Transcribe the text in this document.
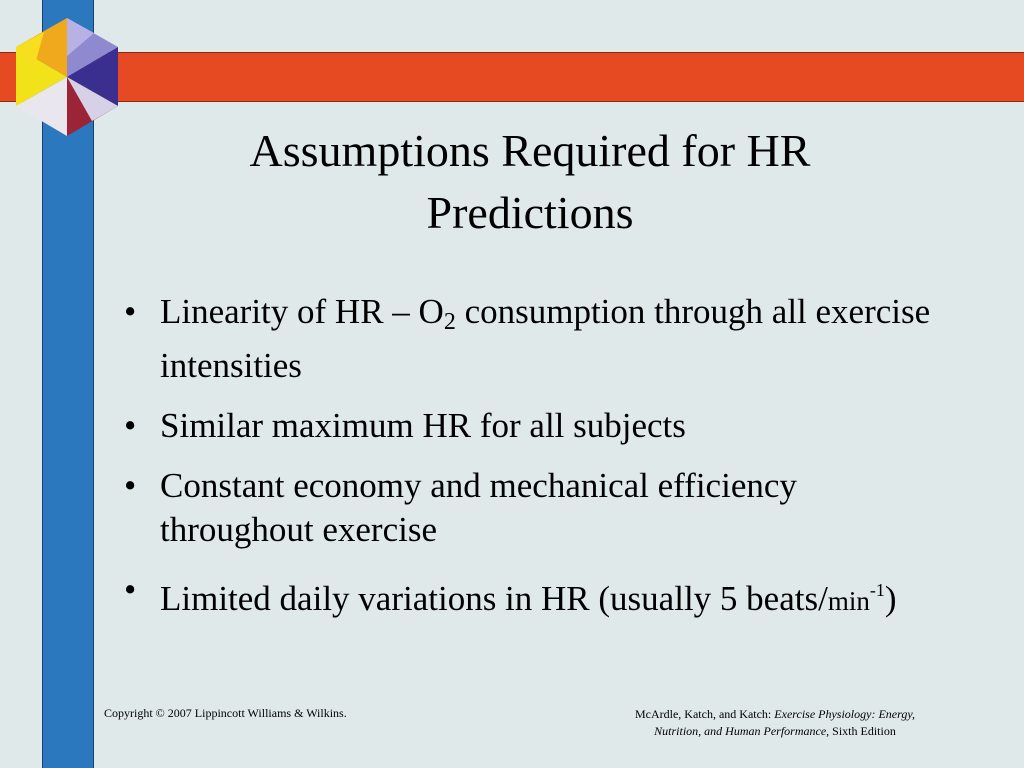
Assumptions Required for HR
Predictions
• Linearity of HR – $O_2$ consumption through all exercise intensities
• Similar maximum HR for all subjects
• Constant economy and mechanical efficiency throughout exercise
• Limited daily variations in HR (usually 5 beats/$\min^{-1}$)
Copyright © 2007 Lippincott Williams & Wilkins.	McArdle, Katch, and Katch: Exercise Physiology: Energy,
Nutrition, and Human Performance, Sixth Edition
